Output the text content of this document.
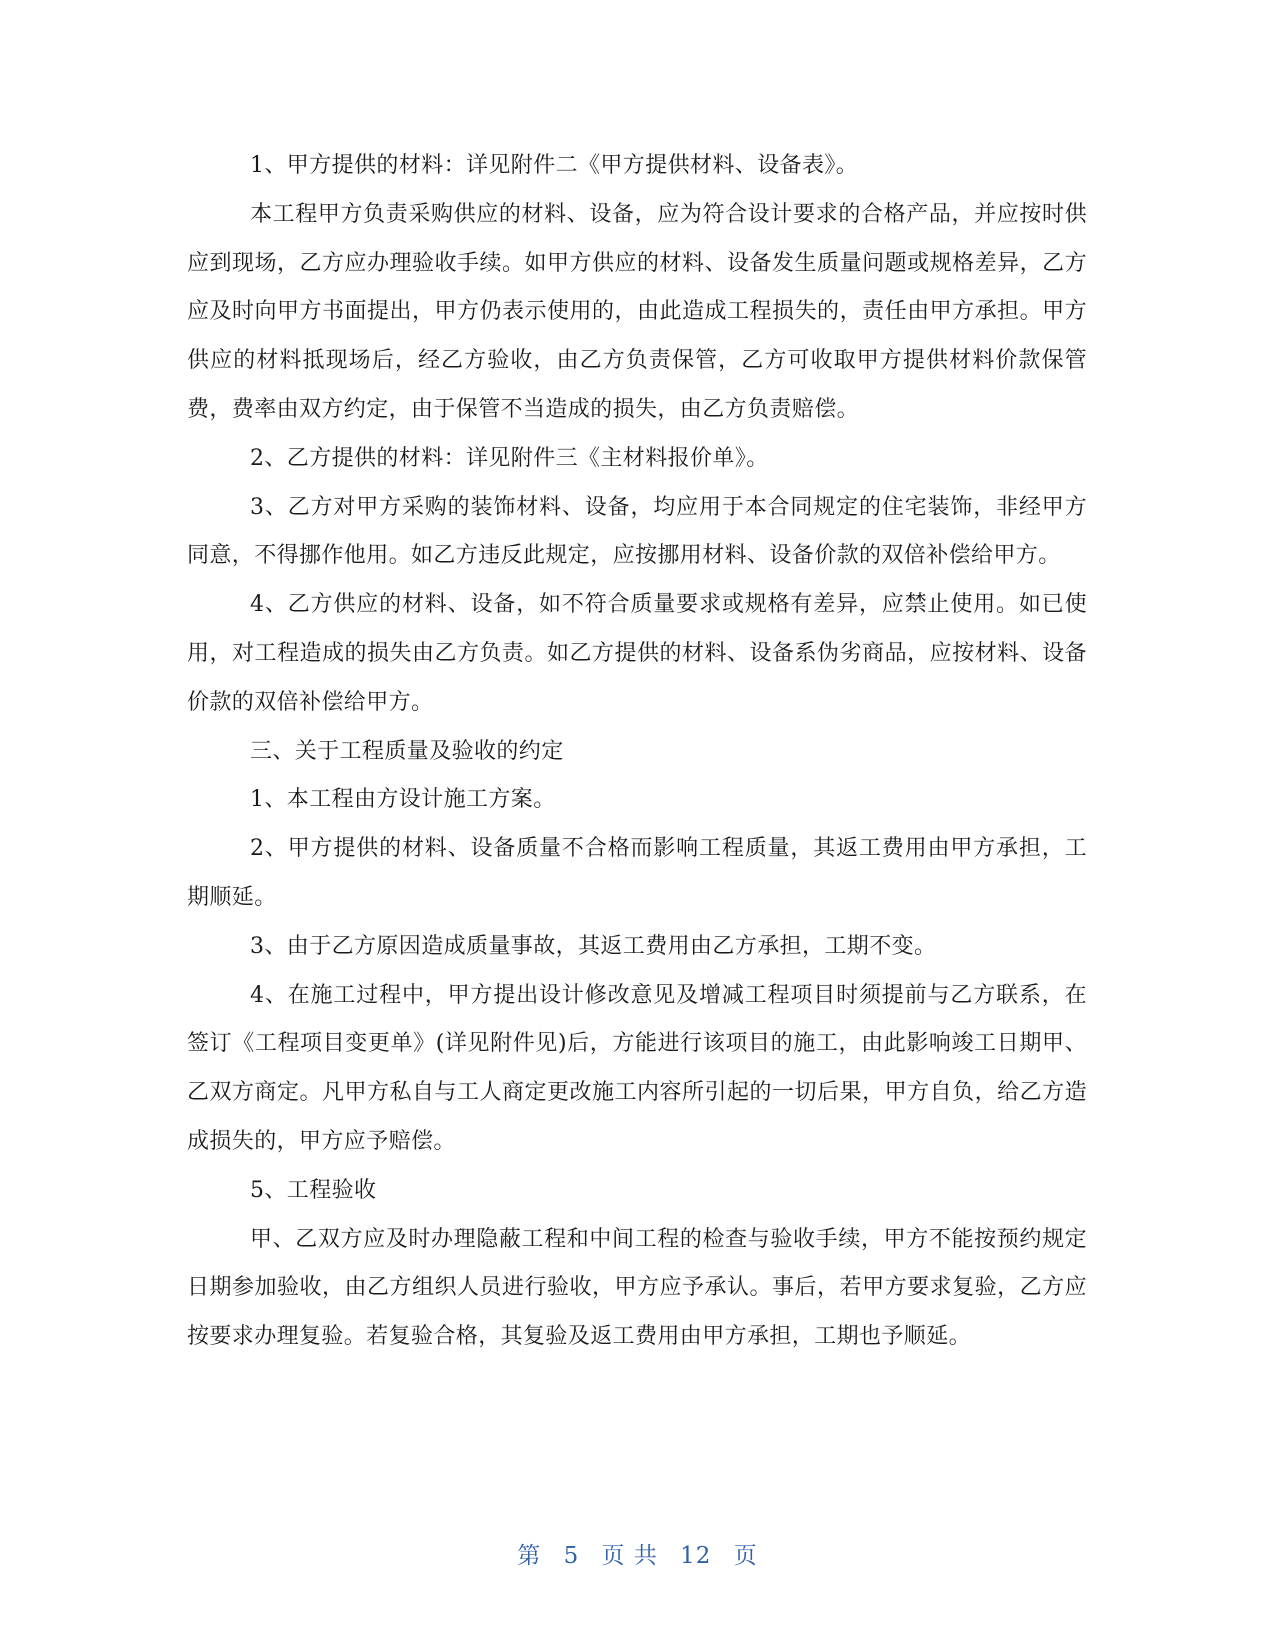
1、甲方提供的材料：详见附件二《甲方提供材料、设备表》。

本工程甲方负责采购供应的材料、设备，应为符合设计要求的合格产品，并应按时供应到现场，乙方应办理验收手续。如甲方供应的材料、设备发生质量问题或规格差异，乙方应及时向甲方书面提出，甲方仍表示使用的，由此造成工程损失的，责任由甲方承担。甲方供应的材料抵现场后，经乙方验收，由乙方负责保管，乙方可收取甲方提供材料价款保管费，费率由双方约定，由于保管不当造成的损失，由乙方负责赔偿。

2、乙方提供的材料：详见附件三《主材料报价单》。

3、乙方对甲方采购的装饰材料、设备，均应用于本合同规定的住宅装饰，非经甲方同意，不得挪作他用。如乙方违反此规定，应按挪用材料、设备价款的双倍补偿给甲方。

4、乙方供应的材料、设备，如不符合质量要求或规格有差异，应禁止使用。如已使用，对工程造成的损失由乙方负责。如乙方提供的材料、设备系伪劣商品，应按材料、设备价款的双倍补偿给甲方。

三、关于工程质量及验收的约定

1、本工程由方设计施工方案。

2、甲方提供的材料、设备质量不合格而影响工程质量，其返工费用由甲方承担，工期顺延。

3、由于乙方原因造成质量事故，其返工费用由乙方承担，工期不变。

4、在施工过程中，甲方提出设计修改意见及增减工程项目时须提前与乙方联系，在签订《工程项目变更单》(详见附件见)后，方能进行该项目的施工，由此影响竣工日期甲、乙双方商定。凡甲方私自与工人商定更改施工内容所引起的一切后果，甲方自负，给乙方造成损失的，甲方应予赔偿。

5、工程验收

甲、乙双方应及时办理隐蔽工程和中间工程的检查与验收手续，甲方不能按预约规定日期参加验收，由乙方组织人员进行验收，甲方应予承认。事后，若甲方要求复验，乙方应按要求办理复验。若复验合格，其复验及返工费用由甲方承担，工期也予顺延。

第 5 页 共 12 页
